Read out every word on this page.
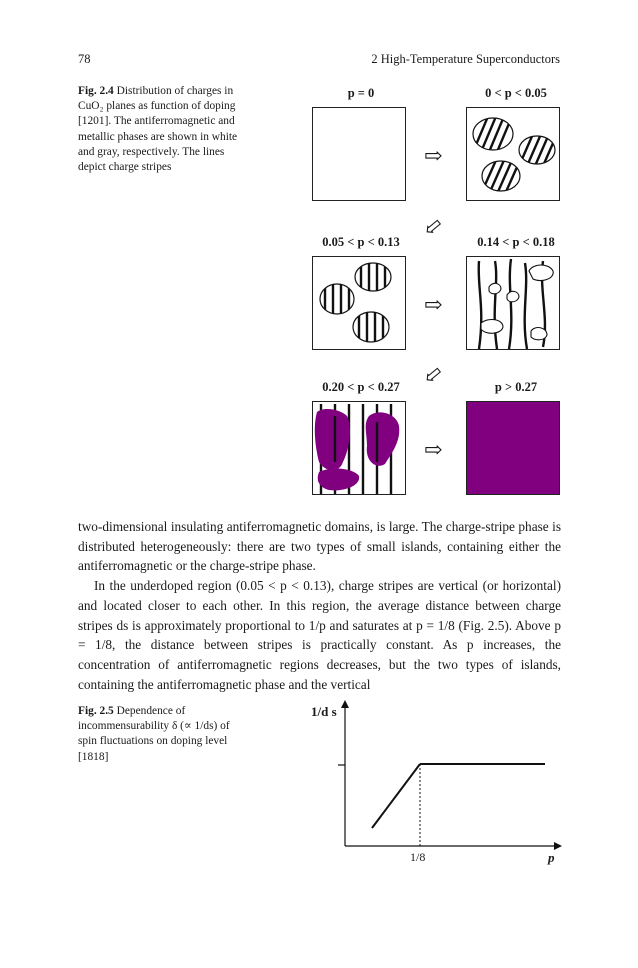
78	2 High-Temperature Superconductors
Fig. 2.4 Distribution of charges in CuO₂ planes as function of doping [1201]. The antiferromagnetic and metallic phases are shown in white and gray, respectively. The lines depict charge stripes
p = 0	0 < p < 0.05
0.05 < p < 0.13	0.14 < p < 0.18
0.20 < p < 0.27	p > 0.27
⇨
⇨
⇨
⇦
⇦

two-dimensional insulating antiferromagnetic domains, is large. The charge-stripe phase is distributed heterogeneously: there are two types of small islands, containing either the antiferromagnetic or the charge-stripe phase.

In the underdoped region (0.05 < p < 0.13), charge stripes are vertical (or horizontal) and located closer to each other. In this region, the average distance between charge stripes ds is approximately proportional to 1/p and saturates at p = 1/8 (Fig. 2.5). Above p = 1/8, the distance between stripes is practically constant. As p increases, the concentration of antiferromagnetic regions decreases, but the two types of islands, containing the antiferromagnetic phase and the vertical

Fig. 2.5 Dependence of incommensurability δ (∝ 1/ds) of spin fluctuations on doping level [1818]
1/d s
p
1/8
